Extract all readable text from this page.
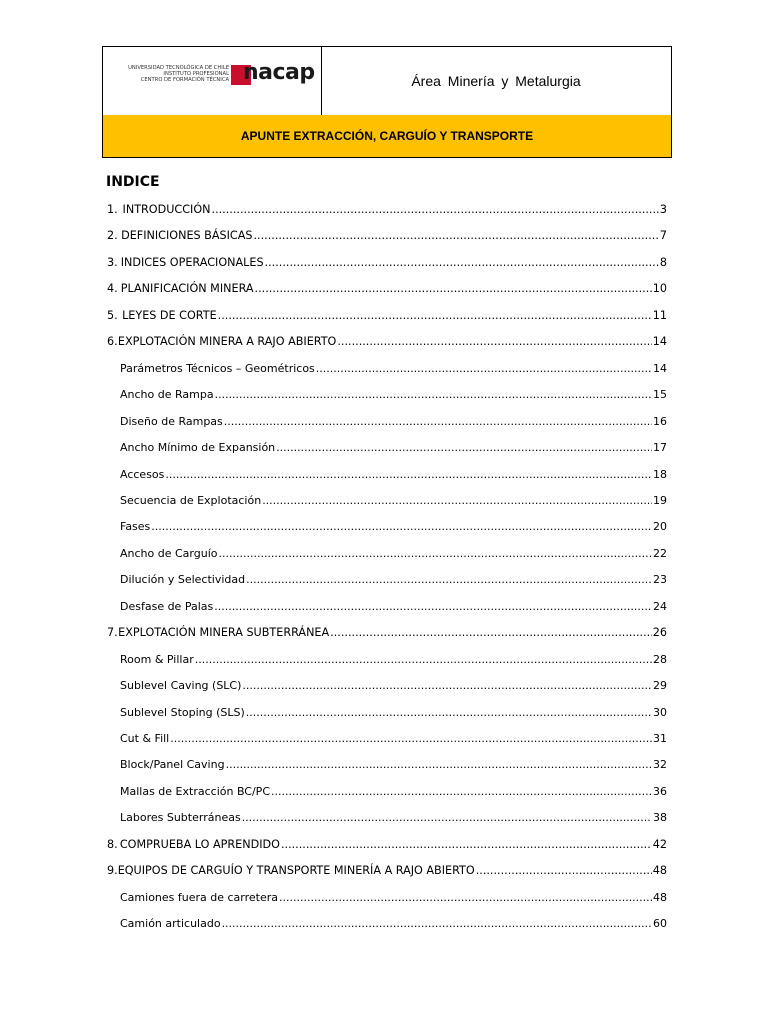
UNIVERSIDAD TECNOLÓGICA DE CHILE
INSTITUTO PROFESIONAL
CENTRO DE FORMACIÓN TÉCNICA nacap	Área Minería y Metalurgia
APUNTE EXTRACCIÓN, CARGUÍO Y TRANSPORTE
INDICE
1. INTRODUCCIÓN .....	3
2. DEFINICIONES BÁSICAS .....	7
3. INDICES OPERACIONALES .....	8
4. PLANIFICACIÓN MINERA .....	10
5. LEYES DE CORTE .....	11
6. EXPLOTACIÓN MINERA A RAJO ABIERTO .....	14
Parámetros Técnicos – Geométricos .....	14
Ancho de Rampa .....	15
Diseño de Rampas .....	16
Ancho Mínimo de Expansión .....	17
Accesos .....	18
Secuencia de Explotación .....	19
Fases .....	20
Ancho de Carguío .....	22
Dilución y Selectividad .....	23
Desfase de Palas .....	24
7. EXPLOTACIÓN MINERA SUBTERRÁNEA .....	26
Room & Pillar .....	28
Sublevel Caving (SLC) .....	29
Sublevel Stoping (SLS) .....	30
Cut & Fill .....	31
Block/Panel Caving .....	32
Mallas de Extracción BC/PC .....	36
Labores Subterráneas .....	38
8. COMPRUEBA LO APRENDIDO .....	42
9. EQUIPOS DE CARGUÍO Y TRANSPORTE MINERÍA A RAJO ABIERTO .....	48
Camiones fuera de carretera .....	48
Camión articulado .....	60
